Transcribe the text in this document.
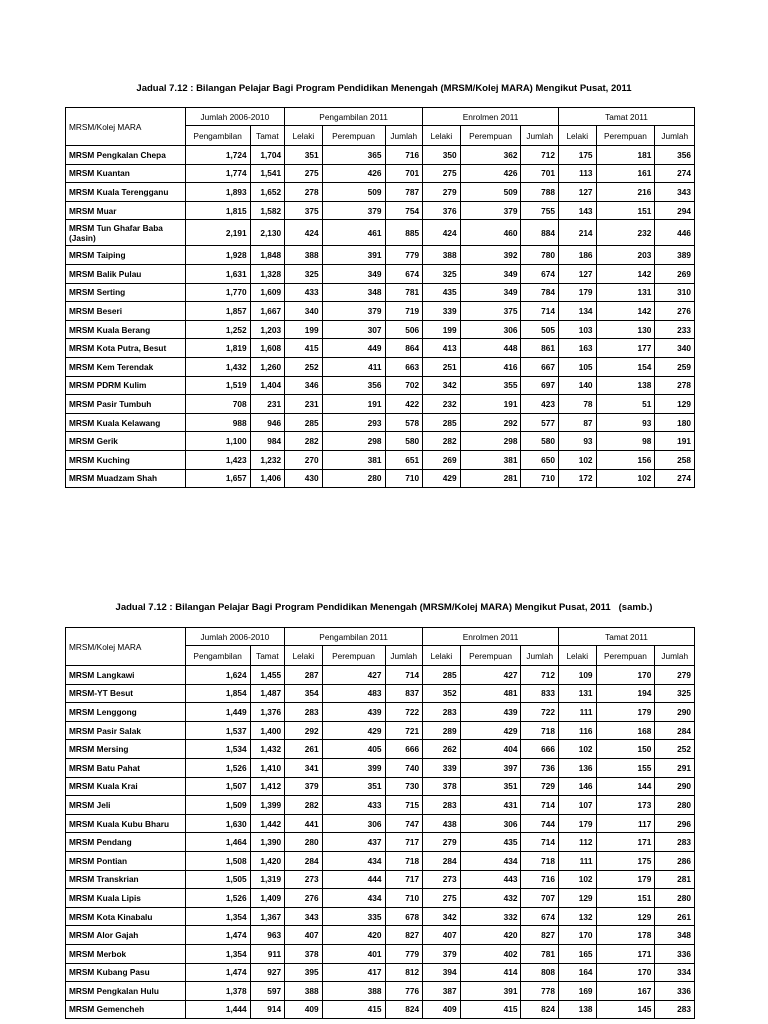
Jadual 7.12 : Bilangan Pelajar Bagi Program Pendidikan Menengah (MRSM/Kolej MARA) Mengikut Pusat, 2011
MRSM/Kolej MARA	Jumlah 2006-2010		Pengambilan 2011			Enrolmen 2011			Tamat 2011		
	Pengambilan	Tamat	Lelaki	Perempuan	Jumlah	Lelaki	Perempuan	Jumlah	Lelaki	Perempuan	Jumlah
MRSM Pengkalan Chepa	1,724	1,704	351	365	716	350	362	712	175	181	356
MRSM Kuantan	1,774	1,541	275	426	701	275	426	701	113	161	274
MRSM Kuala Terengganu	1,893	1,652	278	509	787	279	509	788	127	216	343
MRSM Muar	1,815	1,582	375	379	754	376	379	755	143	151	294
MRSM Tun Ghafar Baba (Jasin)	2,191	2,130	424	461	885	424	460	884	214	232	446
MRSM Taiping	1,928	1,848	388	391	779	388	392	780	186	203	389
MRSM Balik Pulau	1,631	1,328	325	349	674	325	349	674	127	142	269
MRSM Serting	1,770	1,609	433	348	781	435	349	784	179	131	310
MRSM Beseri	1,857	1,667	340	379	719	339	375	714	134	142	276
MRSM Kuala Berang	1,252	1,203	199	307	506	199	306	505	103	130	233
MRSM Kota Putra, Besut	1,819	1,608	415	449	864	413	448	861	163	177	340
MRSM Kem Terendak	1,432	1,260	252	411	663	251	416	667	105	154	259
MRSM PDRM Kulim	1,519	1,404	346	356	702	342	355	697	140	138	278
MRSM Pasir Tumbuh	708	231	231	191	422	232	191	423	78	51	129
MRSM Kuala Kelawang	988	946	285	293	578	285	292	577	87	93	180
MRSM Gerik	1,100	984	282	298	580	282	298	580	93	98	191
MRSM Kuching	1,423	1,232	270	381	651	269	381	650	102	156	258
MRSM Muadzam Shah	1,657	1,406	430	280	710	429	281	710	172	102	274
Jadual 7.12 : Bilangan Pelajar Bagi Program Pendidikan Menengah (MRSM/Kolej MARA) Mengikut Pusat, 2011 (samb.)
MRSM/Kolej MARA	Jumlah 2006-2010		Pengambilan 2011			Enrolmen 2011			Tamat 2011		
	Pengambilan	Tamat	Lelaki	Perempuan	Jumlah	Lelaki	Perempuan	Jumlah	Lelaki	Perempuan	Jumlah
MRSM Langkawi	1,624	1,455	287	427	714	285	427	712	109	170	279
MRSM-YT Besut	1,854	1,487	354	483	837	352	481	833	131	194	325
MRSM Lenggong	1,449	1,376	283	439	722	283	439	722	111	179	290
MRSM Pasir Salak	1,537	1,400	292	429	721	289	429	718	116	168	284
MRSM Mersing	1,534	1,432	261	405	666	262	404	666	102	150	252
MRSM Batu Pahat	1,526	1,410	341	399	740	339	397	736	136	155	291
MRSM Kuala Krai	1,507	1,412	379	351	730	378	351	729	146	144	290
MRSM Jeli	1,509	1,399	282	433	715	283	431	714	107	173	280
MRSM Kuala Kubu Bharu	1,630	1,442	441	306	747	438	306	744	179	117	296
MRSM Pendang	1,464	1,390	280	437	717	279	435	714	112	171	283
MRSM Pontian	1,508	1,420	284	434	718	284	434	718	111	175	286
MRSM Transkrian	1,505	1,319	273	444	717	273	443	716	102	179	281
MRSM Kuala Lipis	1,526	1,409	276	434	710	275	432	707	129	151	280
MRSM Kota Kinabalu	1,354	1,367	343	335	678	342	332	674	132	129	261
MRSM Alor Gajah	1,474	963	407	420	827	407	420	827	170	178	348
MRSM Merbok	1,354	911	378	401	779	379	402	781	165	171	336
MRSM Kubang Pasu	1,474	927	395	417	812	394	414	808	164	170	334
MRSM Pengkalan Hulu	1,378	597	388	388	776	387	391	778	169	167	336
MRSM Gemencheh	1,444	914	409	415	824	409	415	824	138	145	283
